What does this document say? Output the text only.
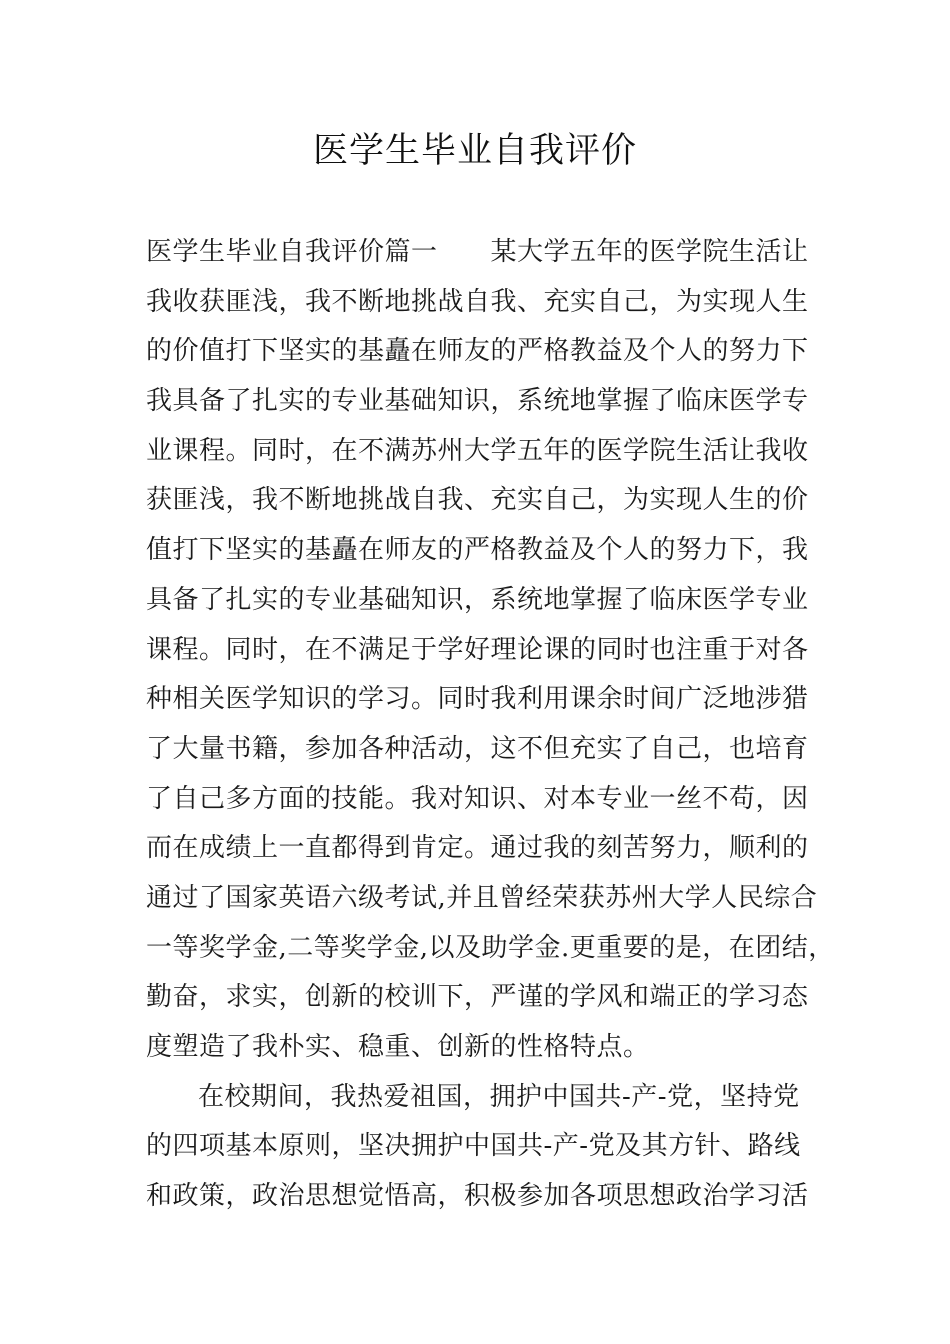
医学生毕业自我评价
医学生毕业自我评价篇一　　某大学五年的医学院生活让
我收获匪浅，我不断地挑战自我、充实自己，为实现人生
的价值打下坚实的基矗在师友的严格教益及个人的努力下
我具备了扎实的专业基础知识，系统地掌握了临床医学专
业课程。同时，在不满苏州大学五年的医学院生活让我收
获匪浅，我不断地挑战自我、充实自己，为实现人生的价
值打下坚实的基矗在师友的严格教益及个人的努力下，我
具备了扎实的专业基础知识，系统地掌握了临床医学专业
课程。同时，在不满足于学好理论课的同时也注重于对各
种相关医学知识的学习。同时我利用课余时间广泛地涉猎
了大量书籍，参加各种活动，这不但充实了自己，也培育
了自己多方面的技能。我对知识、对本专业一丝不苟，因
而在成绩上一直都得到肯定。通过我的刻苦努力，顺利的
通过了国家英语六级考试,并且曾经荣获苏州大学人民综合
一等奖学金,二等奖学金,以及助学金.更重要的是，在团结，
勤奋，求实，创新的校训下，严谨的学风和端正的学习态
度塑造了我朴实、稳重、创新的性格特点。
在校期间，我热爱祖国，拥护中国共-产-党，坚持党
的四项基本原则，坚决拥护中国共-产-党及其方针、路线
和政策，政治思想觉悟高，积极参加各项思想政治学习活
